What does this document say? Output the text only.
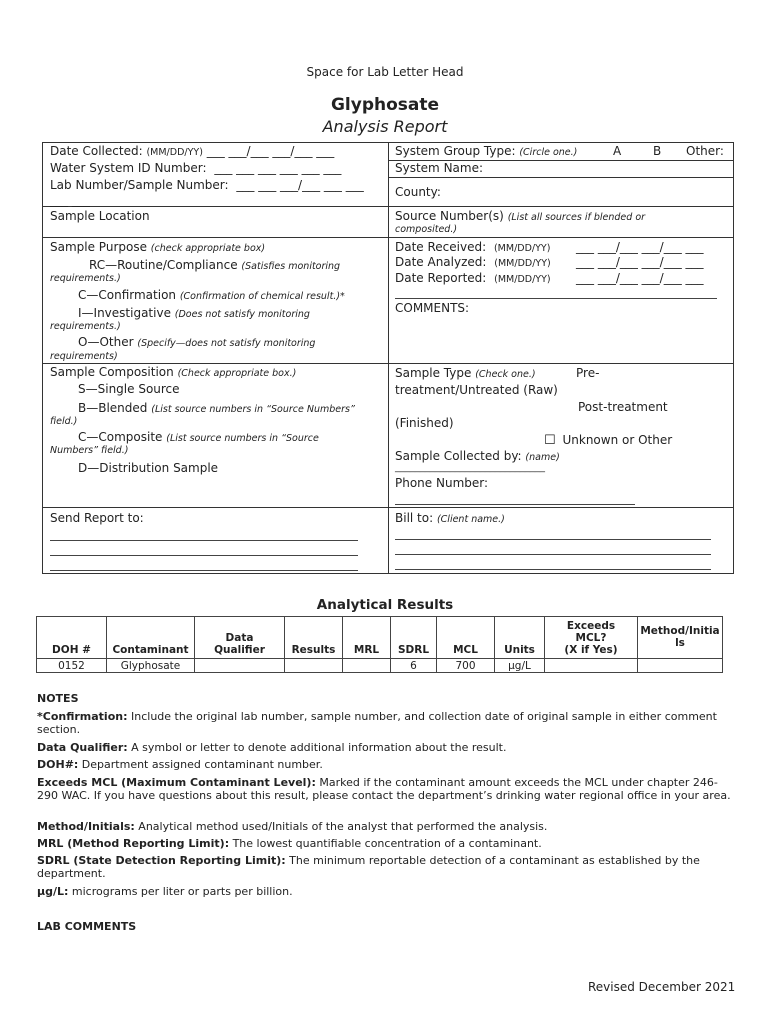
Space for Lab Letter Head
Glyphosate
Analysis Report
Date Collected: (MM/DD/YY) ___ ___/___ ___/___ ___
Water System ID Number: ___ ___ ___ ___ ___ ___
Lab Number/Sample Number: ___ ___ ___/___ ___ ___
___ ___
Sample Location
Sample Purpose (check appropriate box)
RC—Routine/Compliance (Satisfies monitoring
requirements.)
C—Confirmation (Confirmation of chemical result.)*
I—Investigative (Does not satisfy monitoring
requirements.)
O—Other (Specify—does not satisfy monitoring
requirements)
Sample Composition (Check appropriate box.)
S—Single Source
B—Blended (List source numbers in “Source Numbers”
field.)
C—Composite (List source numbers in “Source
Numbers” field.)
D—Distribution Sample
Send Report to:
System Group Type: (Circle one.)	A	B Other:
System Name:
County:
Source Number(s) (List all sources if blended or
composited.)
Date Received: (MM/DD/YY) ___ ___/___ ___/___ ___
Date Analyzed: (MM/DD/YY) ___ ___/___ ___/___ ___
Date Reported: (MM/DD/YY) ___ ___/___ ___/___ ___
COMMENTS:
Sample Type (Check one.)	Pre-
treatment/Untreated (Raw)
Post-treatment
(Finished)
☐ Unknown or Other
Sample Collected by: (name)
______________________________
Phone Number:
Bill to: (Client name.)
Analytical Results
DOH #	Contaminant	Data
Qualifier	Results	MRL	SDRL	MCL	Units	Exceeds
MCL?
(X if Yes)	Method/Initia
ls
0152	Glyphosate				6	700	µg/L		
NOTES
*Confirmation: Include the original lab number, sample number, and collection date of original sample in either comment section.
Data Qualifier: A symbol or letter to denote additional information about the result.
DOH#: Department assigned contaminant number.
Exceeds MCL (Maximum Contaminant Level): Marked if the contaminant amount exceeds the MCL under chapter 246-290 WAC. If you have questions about this result, please contact the department’s drinking water regional office in your area.
Method/Initials: Analytical method used/Initials of the analyst that performed the analysis.
MRL (Method Reporting Limit): The lowest quantifiable concentration of a contaminant.
SDRL (State Detection Reporting Limit): The minimum reportable detection of a contaminant as established by the department.
µg/L: micrograms per liter or parts per billion.
LAB COMMENTS
Revised December 2021
